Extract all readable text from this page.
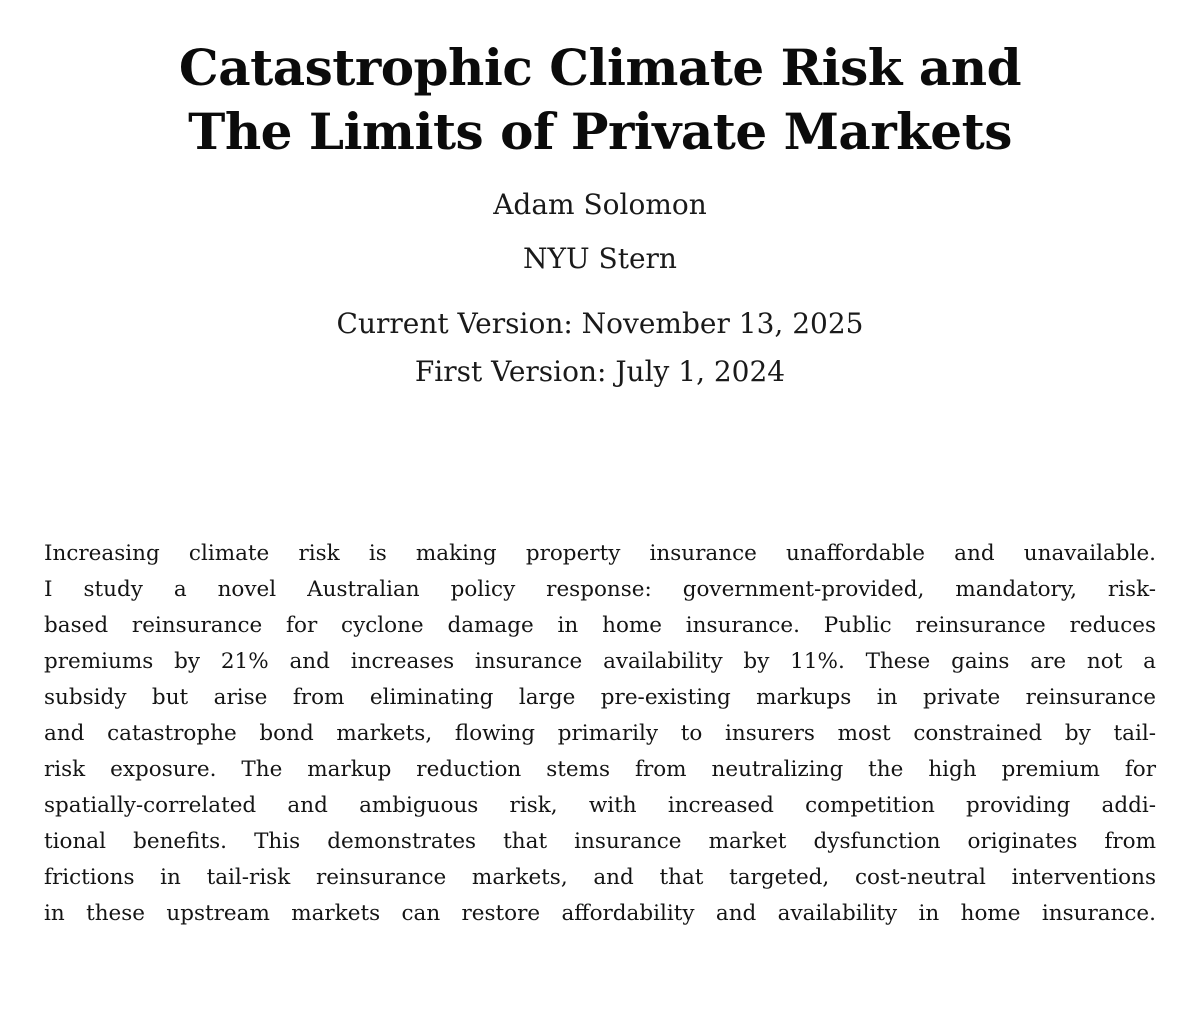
Catastrophic Climate Risk and
The Limits of Private Markets
Adam Solomon
NYU Stern
Current Version: November 13, 2025
First Version: July 1, 2024

Increasing climate risk is making property insurance unaffordable and unavailable.
I study a novel Australian policy response: government-provided, mandatory, risk-
based reinsurance for cyclone damage in home insurance. Public reinsurance reduces
premiums by 21% and increases insurance availability by 11%. These gains are not a
subsidy but arise from eliminating large pre-existing markups in private reinsurance
and catastrophe bond markets, flowing primarily to insurers most constrained by tail-
risk exposure. The markup reduction stems from neutralizing the high premium for
spatially-correlated and ambiguous risk, with increased competition providing addi-
tional benefits. This demonstrates that insurance market dysfunction originates from
frictions in tail-risk reinsurance markets, and that targeted, cost-neutral interventions
in these upstream markets can restore affordability and availability in home insurance.
